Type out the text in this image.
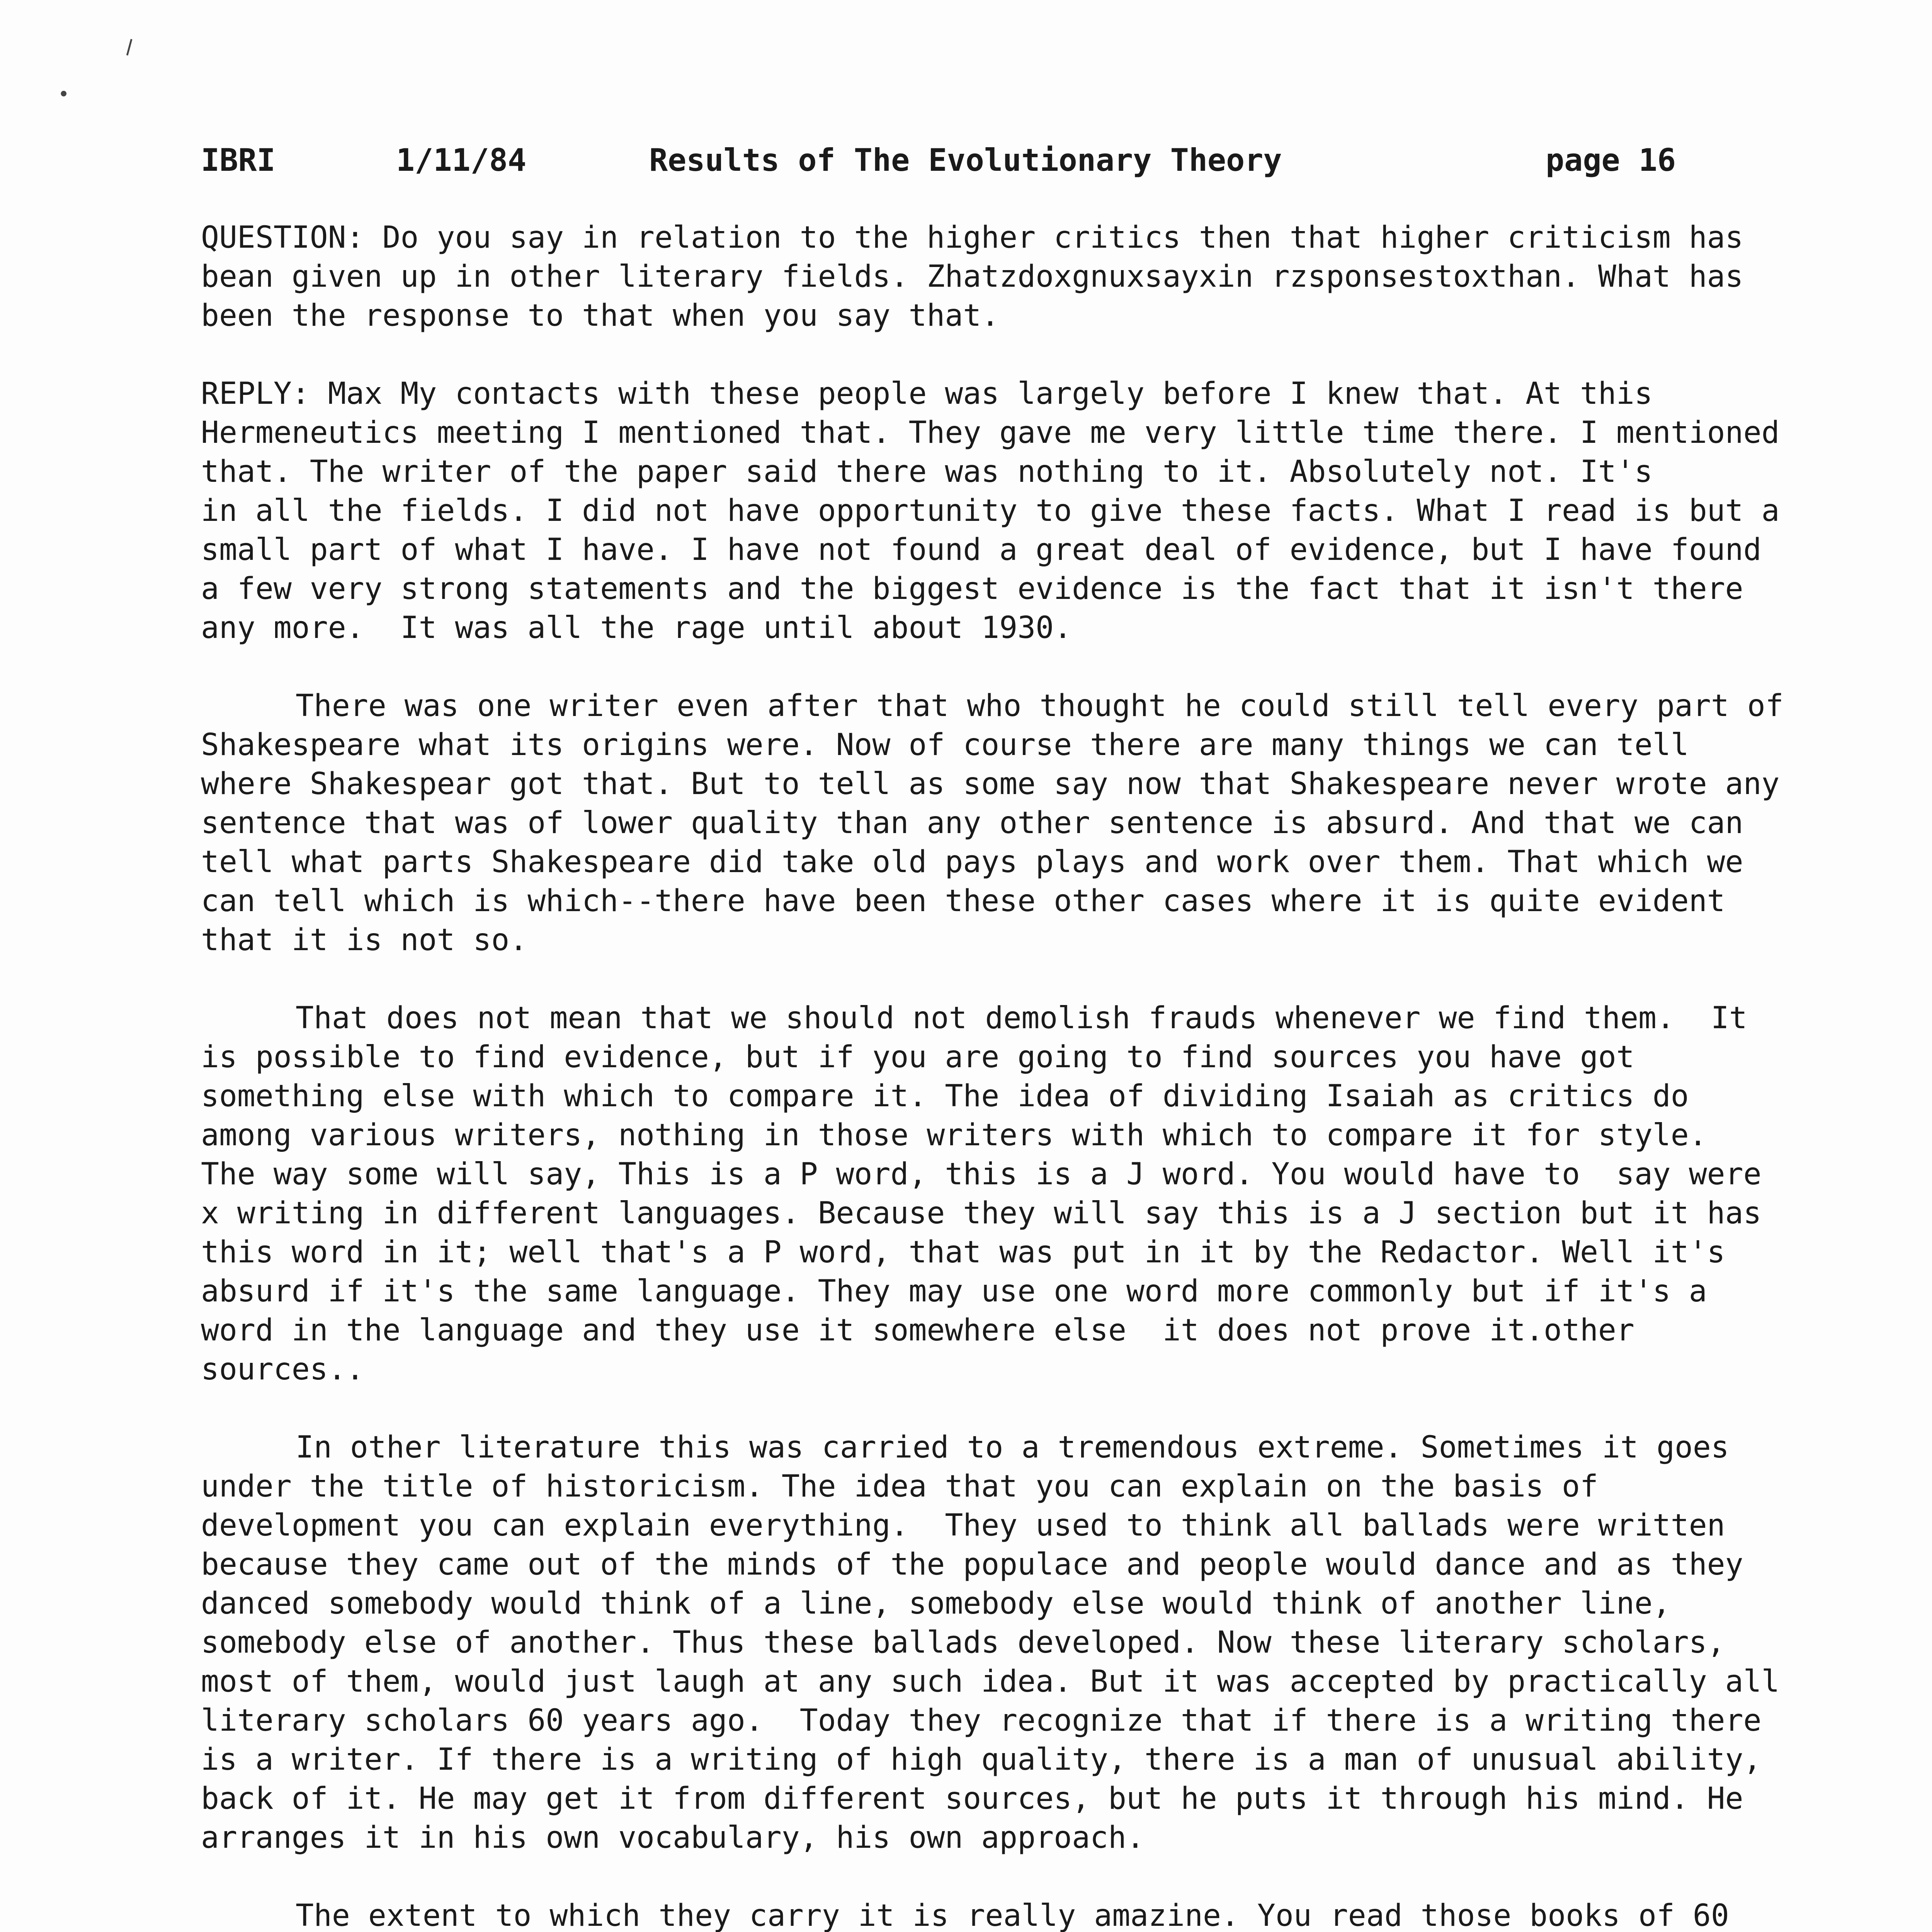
⸝
•
IBRI	1/11/84	Results of The Evolutionary Theory	page 16

QUESTION: Do you say in relation to the higher critics then that higher criticism has bean given up in other literary fields. Zhatzdoxgnuxsayxin rzsponsestoxthan. What has been the response to that when you say that.

REPLY: Max My contacts with these people was largely before I knew that. At this Hermeneutics meeting I mentioned that. They gave me very little time there. I mentioned that. The writer of the paper said there was nothing to it. Absolutely not. It's          in all the fields. I did not have opportunity to give these facts. What I read is but a small part of what I have. I have not found a great deal of evidence, but I have found a few very strong statements and the biggest evidence is the fact that it isn't there any more.  It was all the rage until about 1930.

There was one writer even after that who thought he could still tell every part of Shakespeare what its origins were. Now of course there are many things we can tell where Shakespear got that. But to tell as some say now that Shakespeare never wrote any sentence that was of lower quality than any other sentence is absurd. And that we can tell what parts Shakespeare did take old pays plays and work over them. That which we can tell which is which--there have been these other cases where it is quite evident that it is not so.

That does not mean that we should not demolish frauds whenever we find them.  It is possible to find evidence, but if you are going to find sources you have got something else with which to compare it. The idea of dividing Isaiah as critics do among various writers, nothing in those writers with which to compare it for style.  The way some will say, This is a P word, this is a J word. You would have to  say were x writing in different languages. Because they will say this is a J section but it has this word in it; well that's a P word, that was put in it by the Redactor. Well it's absurd if it's the same language. They may use one word more commonly but if it's a word in the language and they use it somewhere else  it does not prove it.other sources..

In other literature this was carried to a tremendous extreme. Sometimes it goes under the title of historicism. The idea that you can explain on the basis of development you can explain everything.  They used to think all ballads were written because they came out of the minds of the populace and people would dance and as they danced somebody would think of a line, somebody else would think of another line, somebody else of another. Thus these ballads developed. Now these literary scholars, most of them, would just laugh at any such idea. But it was accepted by practically all literary scholars 60 years ago.  Today they recognize that if there is a writing there is a writer. If there is a writing of high quality, there is a man of unusual ability, back of it. He may get it from different sources, but he puts it through his mind. He arranges it in his own vocabulary, his own approach.

The extent to which they carry it is really amazine. You read those books of 60
